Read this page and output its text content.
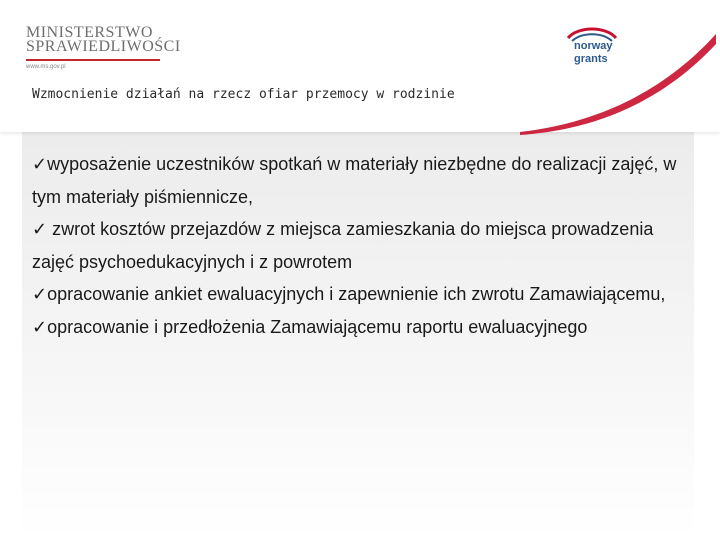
MINISTERSTWO
SPRAWIEDLIWOŚCI
www.ms.gov.pl
norway
grants
Wzmocnienie działań na rzecz ofiar przemocy w rodzinie
✓wyposażenie uczestników spotkań w materiały niezbędne do realizacji zajęć, w tym materiały piśmiennicze,
✓ zwrot kosztów przejazdów z miejsca zamieszkania do miejsca prowadzenia zajęć psychoedukacyjnych i z powrotem
✓opracowanie ankiet ewaluacyjnych i zapewnienie ich zwrotu Zamawiającemu,
✓opracowanie i przedłożenia Zamawiającemu raportu ewaluacyjnego
